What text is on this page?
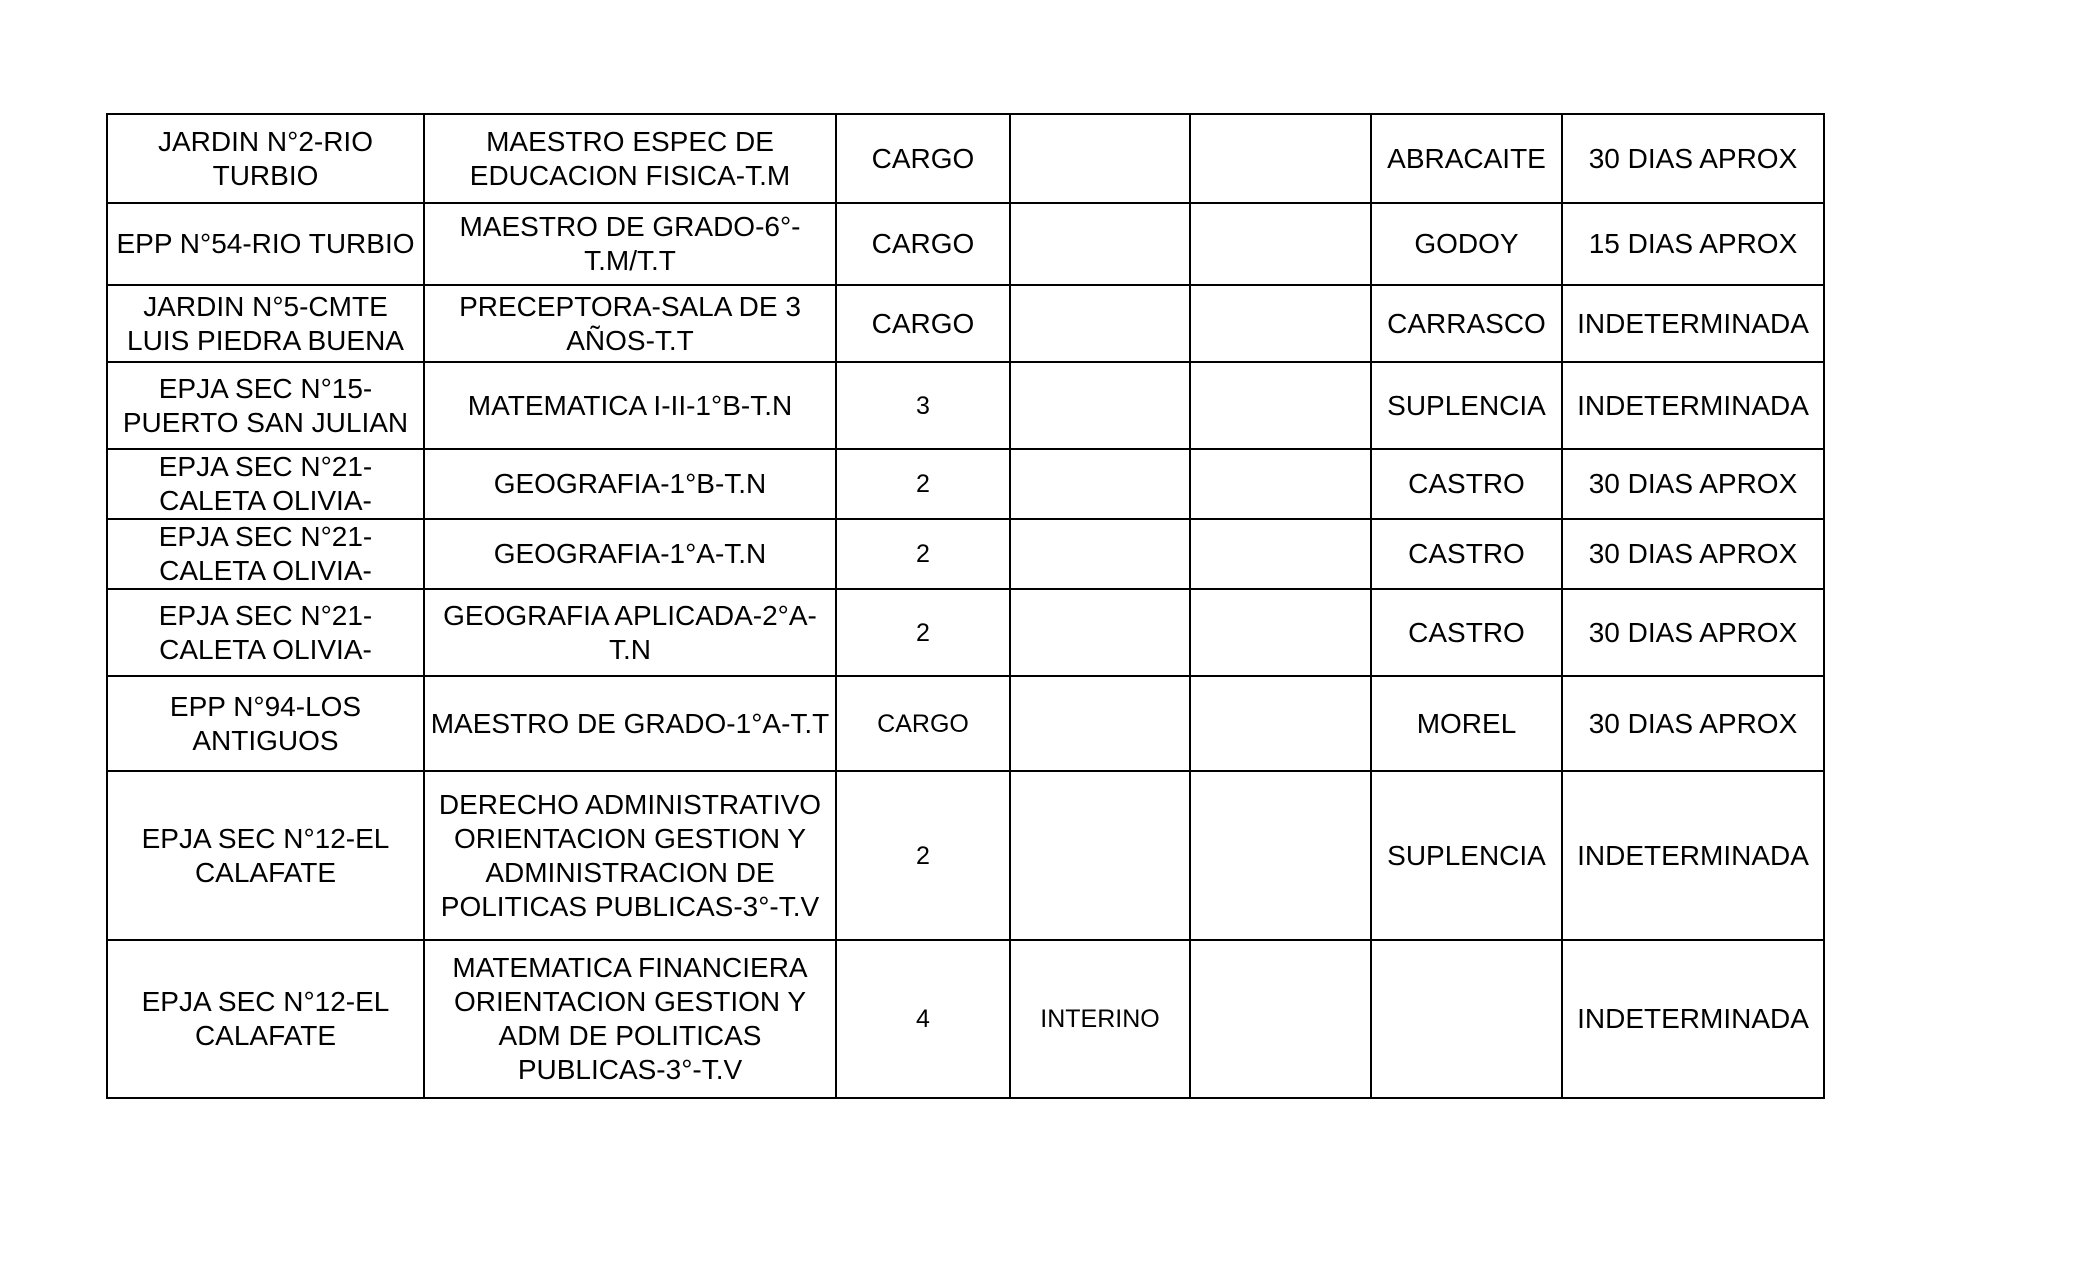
JARDIN N°2-RIO TURBIO	MAESTRO ESPEC DE EDUCACION FISICA-T.M	CARGO			ABRACAITE	30 DIAS APROX
EPP N°54-RIO TURBIO	MAESTRO DE GRADO-6°-T.M/T.T	CARGO			GODOY	15 DIAS APROX
JARDIN N°5-CMTE LUIS PIEDRA BUENA	PRECEPTORA-SALA DE 3 AÑOS-T.T	CARGO			CARRASCO	INDETERMINADA
EPJA SEC N°15-PUERTO SAN JULIAN	MATEMATICA I-II-1°B-T.N	3			SUPLENCIA	INDETERMINADA
EPJA SEC N°21-CALETA OLIVIA-	GEOGRAFIA-1°B-T.N	2			CASTRO	30 DIAS APROX
EPJA SEC N°21-CALETA OLIVIA-	GEOGRAFIA-1°A-T.N	2			CASTRO	30 DIAS APROX
EPJA SEC N°21-CALETA OLIVIA-	GEOGRAFIA APLICADA-2°A-T.N	2			CASTRO	30 DIAS APROX
EPP N°94-LOS ANTIGUOS	MAESTRO DE GRADO-1°A-T.T	CARGO			MOREL	30 DIAS APROX
EPJA SEC N°12-EL CALAFATE	DERECHO ADMINISTRATIVO ORIENTACION GESTION Y ADMINISTRACION DE POLITICAS PUBLICAS-3°-T.V	2			SUPLENCIA	INDETERMINADA
EPJA SEC N°12-EL CALAFATE	MATEMATICA FINANCIERA ORIENTACION GESTION Y ADM DE POLITICAS PUBLICAS-3°-T.V	4	INTERINO			INDETERMINADA
